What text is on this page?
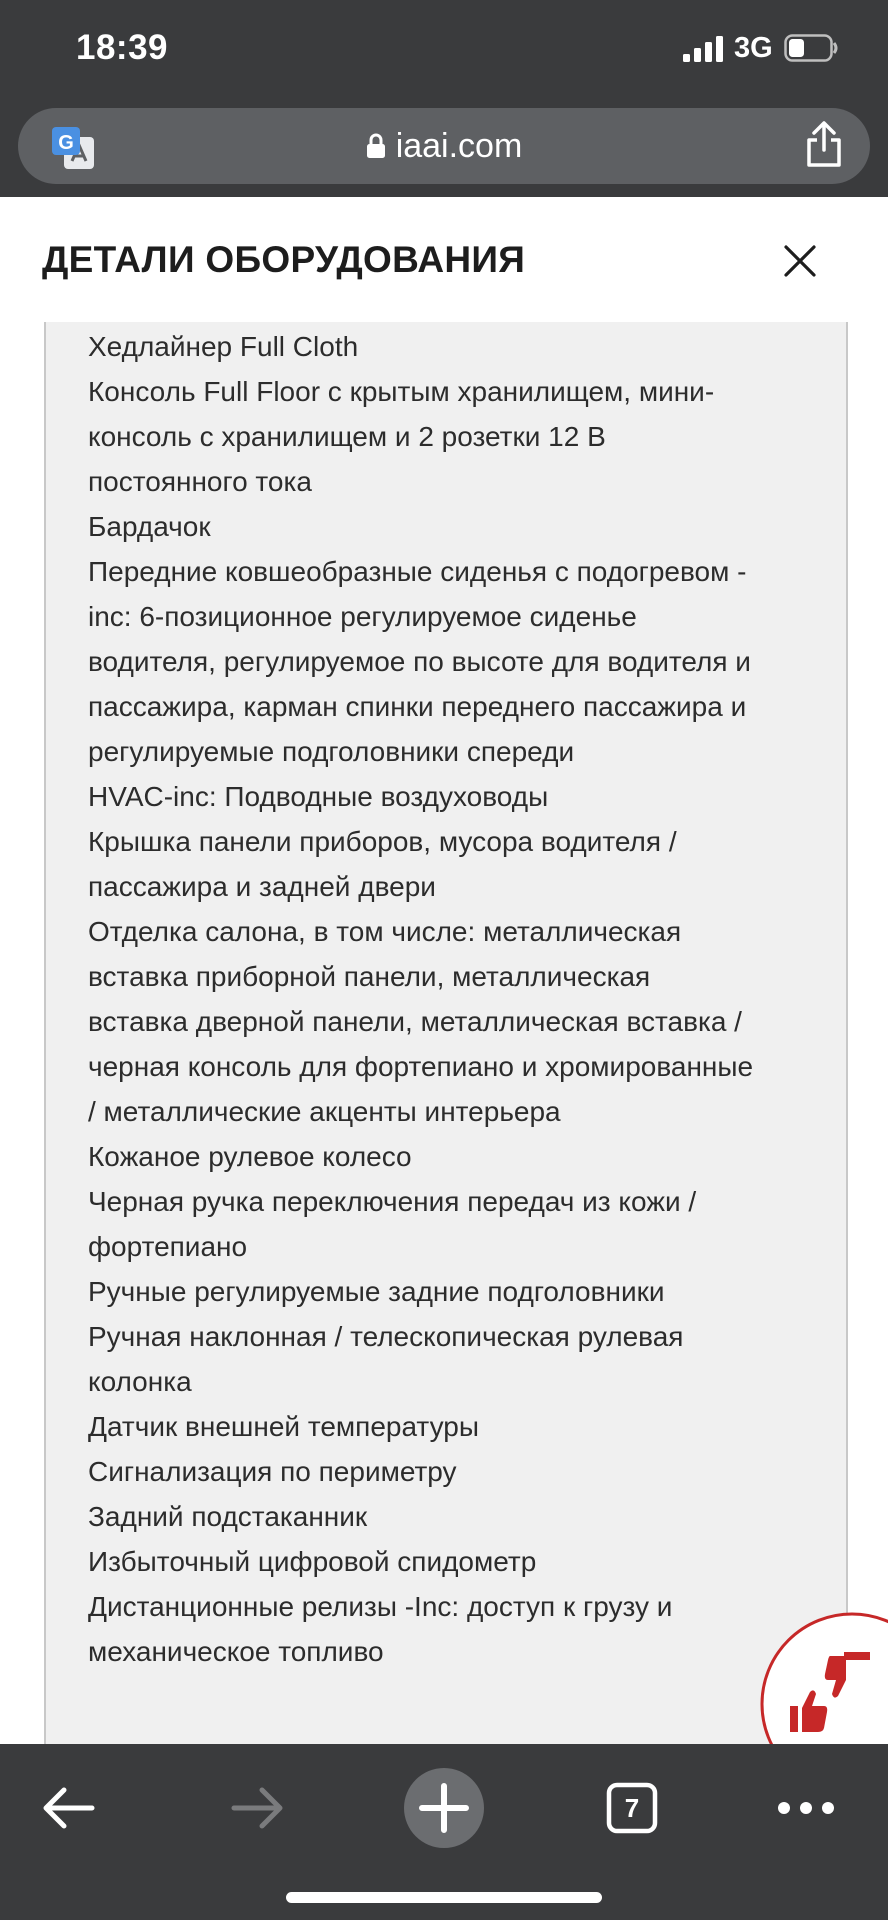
18:39	3G
G	iaai.com
ДЕТАЛИ ОБОРУДОВАНИЯ
Хедлайнер Full Cloth
Консоль Full Floor с крытым хранилищем, мини-
консоль с хранилищем и 2 розетки 12 В
постоянного тока
Бардачок
Передние ковшеобразные сиденья с подогревом -
inc: 6-позиционное регулируемое сиденье
водителя, регулируемое по высоте для водителя и
пассажира, карман спинки переднего пассажира и
регулируемые подголовники спереди
HVAC-inc: Подводные воздуховоды
Крышка панели приборов, мусора водителя /
пассажира и задней двери
Отделка салона, в том числе: металлическая
вставка приборной панели, металлическая
вставка дверной панели, металлическая вставка /
черная консоль для фортепиано и хромированные
/ металлические акценты интерьера
Кожаное рулевое колесо
Черная ручка переключения передач из кожи /
фортепиано
Ручные регулируемые задние подголовники
Ручная наклонная / телескопическая рулевая
колонка
Датчик внешней температуры
Сигнализация по периметру
Задний подстаканник
Избыточный цифровой спидометр
Дистанционные релизы -Inc: доступ к грузу и
механическое топливо
7
